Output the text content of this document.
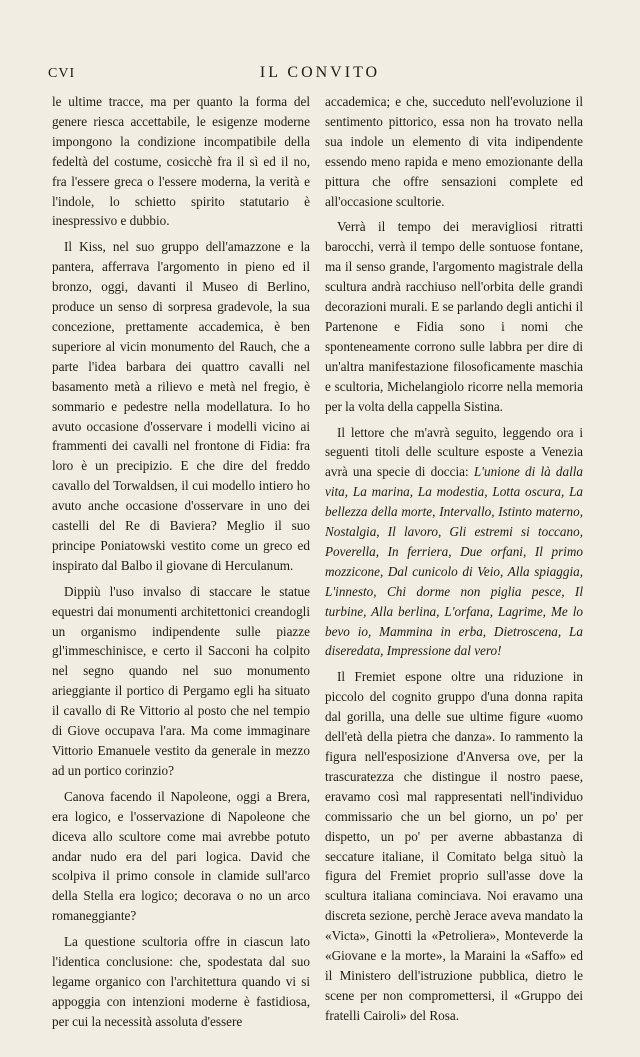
CVI	IL CONVITO

le ultime tracce, ma per quanto la forma del genere riesca accettabile, le esigenze moderne impongono la condizione incompatibile della fedeltà del costume, cosicchè fra il sì ed il no, fra l'essere greca o l'essere moderna, la verità e l'indole, lo schietto spirito statutario è inespressivo e dubbio.

Il Kiss, nel suo gruppo dell'amazzone e la pantera, afferrava l'argomento in pieno ed il bronzo, oggi, davanti il Museo di Berlino, produce un senso di sorpresa gradevole, la sua concezione, prettamente accademica, è ben superiore al vicin monumento del Rauch, che a parte l'idea barbara dei quattro cavalli nel basamento metà a rilievo e metà nel fregio, è sommario e pedestre nella modellatura. Io ho avuto occasione d'osservare i modelli vicino ai frammenti dei cavalli nel frontone di Fidia: fra loro è un precipizio. E che dire del freddo cavallo del Torwaldsen, il cui modello intiero ho avuto anche occasione d'osservare in uno dei castelli del Re di Baviera? Meglio il suo principe Poniatowski vestito come un greco ed inspirato dal Balbo il giovane di Herculanum.

Dippiù l'uso invalso di staccare le statue equestri dai monumenti architettonici creandogli un organismo indipendente sulle piazze gl'immeschinisce, e certo il Sacconi ha colpito nel segno quando nel suo monumento arieggiante il portico di Pergamo egli ha situato il cavallo di Re Vittorio al posto che nel tempio di Giove occupava l'ara. Ma come immaginare Vittorio Emanuele vestito da generale in mezzo ad un portico corinzio?

Canova facendo il Napoleone, oggi a Brera, era logico, e l'osservazione di Napoleone che diceva allo scultore come mai avrebbe potuto andar nudo era del pari logica. David che scolpiva il primo console in clamide sull'arco della Stella era logico; decorava o no un arco romaneggiante?

La questione scultoria offre in ciascun lato l'identica conclusione: che, spodestata dal suo legame organico con l'architettura quando vi si appoggia con intenzioni moderne è fastidiosa, per cui la necessità assoluta d'essere

accademica; e che, succeduto nell'evoluzione il sentimento pittorico, essa non ha trovato nella sua indole un elemento di vita indipendente essendo meno rapida e meno emozionante della pittura che offre sensazioni complete ed all'occasione scultorie.

Verrà il tempo dei meravigliosi ritratti barocchi, verrà il tempo delle sontuose fontane, ma il senso grande, l'argomento magistrale della scultura andrà racchiuso nell'orbita delle grandi decorazioni murali. E se parlando degli antichi il Partenone e Fidia sono i nomi che sponteneamente corrono sulle labbra per dire di un'altra manifestazione filosoficamente maschia e scultoria, Michelangiolo ricorre nella memoria per la volta della cappella Sistina.

Il lettore che m'avrà seguito, leggendo ora i seguenti titoli delle sculture esposte a Venezia avrà una specie di doccia: L'unione di là dalla vita, La marina, La modestia, Lotta oscura, La bellezza della morte, Intervallo, Istinto materno, Nostalgia, Il lavoro, Gli estremi si toccano, Poverella, In ferriera, Due orfani, Il primo mozzicone, Dal cunicolo di Veio, Alla spiaggia, L'innesto, Chi dorme non piglia pesce, Il turbine, Alla berlina, L'orfana, Lagrime, Me lo bevo io, Mammina in erba, Dietroscena, La diseredata, Impressione dal vero!

Il Fremiet espone oltre una riduzione in piccolo del cognito gruppo d'una donna rapita dal gorilla, una delle sue ultime figure «uomo dell'età della pietra che danza». Io rammento la figura nell'esposizione d'Anversa ove, per la trascuratezza che distingue il nostro paese, eravamo così mal rappresentati nell'individuo commissario che un bel giorno, un po' per dispetto, un po' per averne abbastanza di seccature italiane, il Comitato belga situò la figura del Fremiet proprio sull'asse dove la scultura italiana cominciava. Noi eravamo una discreta sezione, perchè Jerace aveva mandato la «Victa», Ginotti la «Petroliera», Monteverde la «Giovane e la morte», la Maraini la «Saffo» ed il Ministero dell'istruzione pubblica, dietro le scene per non compromettersi, il «Gruppo dei fratelli Cairoli» del Rosa.
